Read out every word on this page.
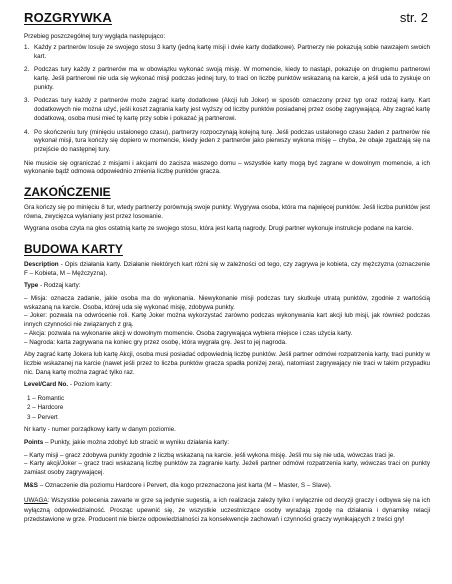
ROZGRYWKA	str. 2

Przebieg poszczególnej tury wygląda następująco:

1. Każdy z partnerów losuje ze swojego stosu 3 karty (jedną kartę misji i dwie karty dodatkowe). Partnerzy nie pokazują sobie nawzajem swoich kart.
2. Podczas tury każdy z partnerów ma w obowiązku wykonać swoją misję. W momencie, kiedy to nastąpi, pokazuje on drugiemu partnerowi kartę. Jeśli partnerowi nie uda się wykonać misji podczas jednej tury, to traci on liczbę punktów wskazaną na karcie, a jeśli uda to zyskuje on punkty.
3. Podczas tury każdy z partnerów może zagrać kartę dodatkowe (Akcji lub Joker) w sposób oznaczony przez typ oraz rodzaj karty. Kart dodatkowych nie można użyć, jeśli koszt zagrania karty jest wyższy od liczby punktów posiadanej przez osobę zagrywającą. Aby zagrać kartę dodatkową, osoba musi mieć tę kartę przy sobie i pokazać ją partnerowi.
4. Po skończeniu tury (minięciu ustalonego czasu), partnerzy rozpoczynają kolejną turę. Jeśli podczas ustalonego czasu żaden z partnerów nie wykonał misji, tura kończy się dopiero w momencie, kiedy jeden z partnerów jako pierwszy wykona misję – chyba, że obaje zgadzają się na przejście do następnej tury.

Nie musicie się ograniczać z misjami i akcjami do zacisza waszego domu – wszystkie karty mogą być zagrane w dowolnym momencie, a ich wykonanie bądź odmowa odpowiednio zmienia liczbę punktów gracza.

ZAKOŃCZENIE

Gra kończy się po minięciu 8 tur, wtedy partnerzy porównują swoje punkty. Wygrywa osoba, która ma najwięcej punktów. Jeśli liczba punktów jest równa, zwycięzca wyłaniany jest przez losowanie.

Wygrana osoba czyta na głos ostatnią kartę ze swojego stosu, która jest kartą nagrody. Drugi partner wykonuje instrukcje podane na karcie.

BUDOWA KARTY

Description - Opis działania karty. Działanie niektórych kart różni się w zależności od tego, czy zagrywa je kobieta, czy mężczyzna (oznaczenie F – Kobieta, M – Mężczyzna).

Type - Rodzaj karty:

– Misja: oznacza zadanie, jakie osoba ma do wykonania. Niewykonanie misji podczas tury skutkuje utratą punktów, zgodnie z wartością wskazaną na karcie. Osoba, której uda się wykonać misję, zdobywa punkty.

– Joker: pozwala na odwrócenie roli. Kartę Joker można wykorzystać zarówno podczas wykonywania kart akcji lub misji, jak również podczas innych czynności nie związanych z grą.

– Akcja: pozwala na wykonanie akcji w dowolnym momencie. Osoba zagrywająca wybiera miejsce i czas użycia karty.

– Nagroda: karta zagrywana na koniec gry przez osobę, która wygrała grę. Jest to jej nagroda.

Aby zagrać kartę Jokera lub kartę Akcji, osoba musi posiadać odpowiednią liczbę punktów. Jeśli partner odmówi rozpatrzenia karty, traci punkty w liczbie wskazanej na karcie (nawet jeśli przez to liczba punktów gracza spadła poniżej zera), natomiast zagrywający nie traci w takim przypadku nic. Daną kartę można zagrać tylko raz.

Level/Card No. - Poziom karty:

1 – Romantic
2 – Hardcore
3 – Pervert

Nr karty - numer porządkowy karty w danym poziomie.

Points – Punkty, jakie można zdobyć lub stracić w wyniku działania karty:

– Karty misji – gracz zdobywa punkty zgodnie z liczbą wskazaną na karcie. jeśli wykona misję. Jeśli mu się nie uda, wówczas traci je.

– Karty akcji/Joker – gracz traci wskazaną liczbę punktów za zagranie karty. Jeżeli partner odmówi rozpatrzenia karty, wówczas traci on punkty zamiast osoby zagrywającej.

M&S – Oznaczenie dla poziomu Hardcore i Pervert, dla kogo przeznaczona jest karta (M – Master, S – Slave).

UWAGA: Wszystkie polecenia zawarte w grze są jedynie sugestią, a ich realizacja zależy tylko i wyłącznie od decyzji graczy i odbywa się na ich wyłączną odpowiedzialność. Prosząc upewnić się, że wszystkie uczestniczące osoby wyrażają zgodę na działania i dynamikę relacji przedstawione w grze. Producent nie bierze odpowiedzialności za konsekwencje zachowań i czynności graczy wynikających z treści gry!
